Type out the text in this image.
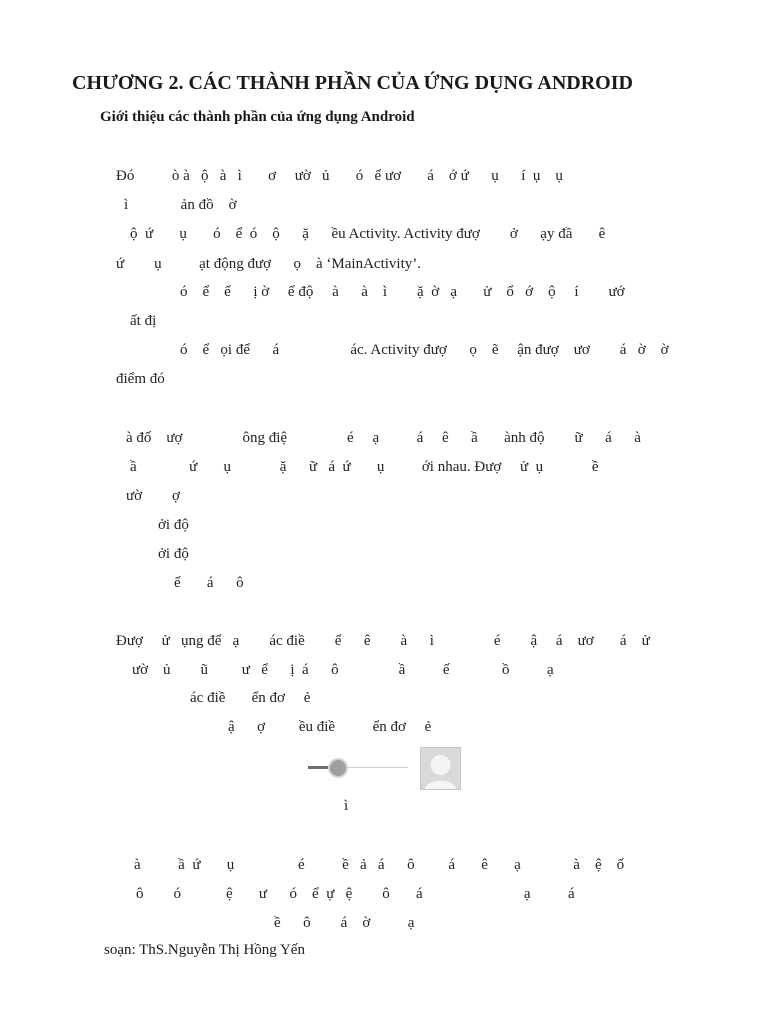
CHƯƠNG 2. CÁC THÀNH PHẦN CỦA ỨNG DỤNG ANDROID
Giới thiệu các thành phần của ứng dụng Android
Đó          ò à   ộ   à   ì       ơ     ườ   ủ       ó   ể ươ       á    ớ ứ      ụ      í  ụ    ụ
ì              ản đồ    ờ
ộ  ứ       ụ       ó    ể  ó    ộ      ặ      ều Activity. Activity đượ        ở      ạy đầ       ê
ứ        ụ          ạt động đượ      ọ    à ‘MainActivity’.
ó    ể    ể      ị ờ     ế độ     à      à    ì        ặ  ờ   ạ       ử    ổ   ớ    ộ     í        ướ
ất đị
ó    ể   ọi để      á                   ác. Activity đượ      ọ    ẽ     ận đượ    ươ        á   ờ    ờ
điểm đó
à đố    ượ                ông điệ                é     ạ          á     ê      ầ       ành độ        ữ      á      à
ầ              ứ       ụ             ặ      ữ   á  ứ       ụ          ới nhau. Đượ     ử  ụ             ề
ườ        ợ
ởi độ
ởi độ
ể       á      ô
Đượ     ử   ụng để   ạ        ác điề        ể      ê        à      ì                é        ậ     á    ươ       á    ử
ườ    ủ        ũ         ư   ể      ị  á      ô                ầ          ế              ồ          ạ
ác điề       ển đơ     ẻ
ậ      ợ         ều điề          ển đơ     ẻ
ì
à          ầ  ứ       ụ                 é          ề   ả   á      ô         á       ê       ạ              à    ệ    ố
ô        ó            ệ       ư      ó    ể  ự   ệ        ô       á                           ạ          á
ề      ô        á    ờ          ạ
soạn: ThS.Nguyễn Thị Hồng Yến
